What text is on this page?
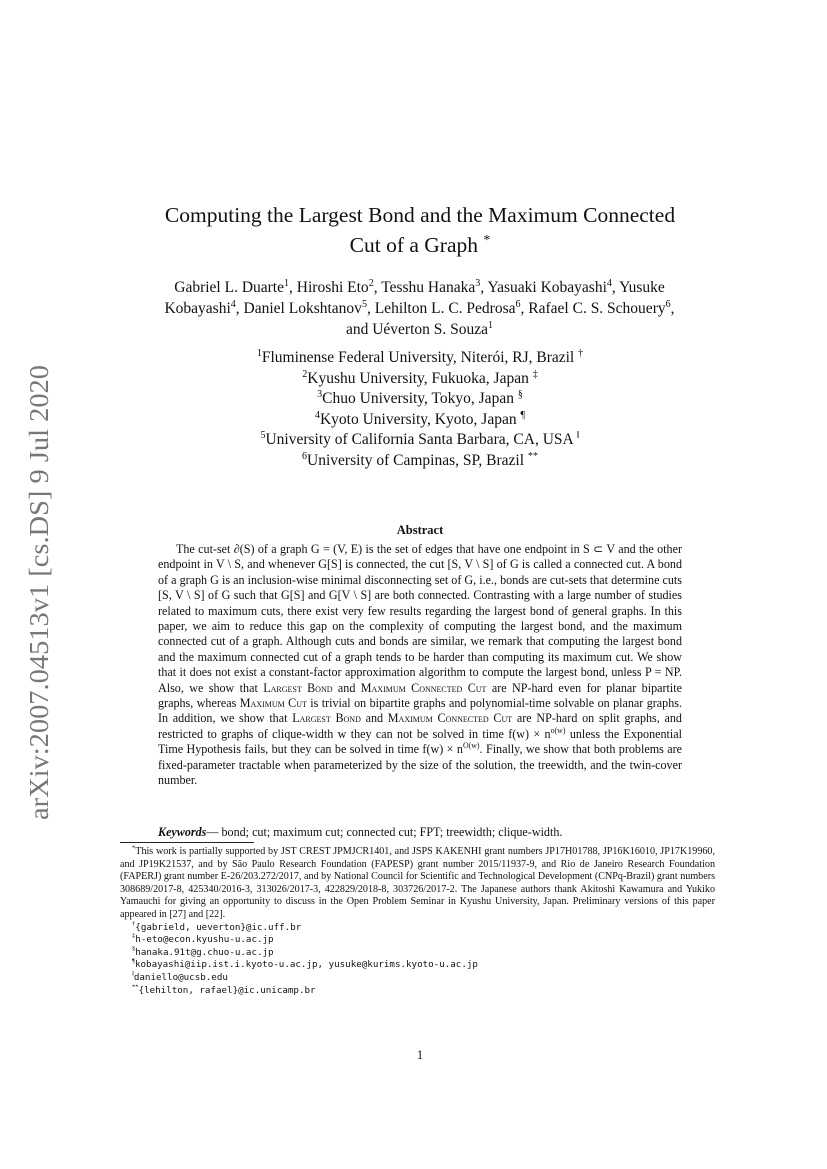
arXiv:2007.04513v1 [cs.DS] 9 Jul 2020
Computing the Largest Bond and the Maximum Connected
Cut of a Graph *
Gabriel L. Duarte$^1$, Hiroshi Eto$^2$, Tesshu Hanaka$^3$, Yasuaki Kobayashi$^4$, Yusuke
Kobayashi$^4$, Daniel Lokshtanov$^5$, Lehilton L. C. Pedrosa$^6$, Rafael C. S. Schouery$^6$,
and Uéverton S. Souza$^1$
$^1$Fluminense Federal University, Niterói, RJ, Brazil †
$^2$Kyushu University, Fukuoka, Japan ‡
$^3$Chuo University, Tokyo, Japan §
$^4$Kyoto University, Kyoto, Japan ¶
$^5$University of California Santa Barbara, CA, USA ‖
$^6$University of Campinas, SP, Brazil **
Abstract
The cut-set ∂(S) of a graph G = (V, E) is the set of edges that have one endpoint in S ⊂ V and the other endpoint in V \ S, and whenever G[S] is connected, the cut [S, V \ S] of G is called a connected cut. A bond of a graph G is an inclusion-wise minimal disconnecting set of G, i.e., bonds are cut-sets that determine cuts [S, V \ S] of G such that G[S] and G[V \ S] are both connected. Contrasting with a large number of studies related to maximum cuts, there exist very few results regarding the largest bond of general graphs. In this paper, we aim to reduce this gap on the complexity of computing the largest bond, and the maximum connected cut of a graph. Although cuts and bonds are similar, we remark that computing the largest bond and the maximum connected cut of a graph tends to be harder than computing its maximum cut. We show that it does not exist a constant-factor approximation algorithm to compute the largest bond, unless P = NP. Also, we show that Largest Bond and Maximum Connected Cut are NP-hard even for planar bipartite graphs, whereas Maximum Cut is trivial on bipartite graphs and polynomial-time solvable on planar graphs. In addition, we show that Largest Bond and Maximum Connected Cut are NP-hard on split graphs, and restricted to graphs of clique-width w they can not be solved in time $f(w) \times n^{o(w)}$ unless the Exponential Time Hypothesis fails, but they can be solved in time $f(w) \times n^{O(w)}$. Finally, we show that both problems are fixed-parameter tractable when parameterized by the size of the solution, the treewidth, and the twin-cover number.
Keywords— bond; cut; maximum cut; connected cut; FPT; treewidth; clique-width.
*This work is partially supported by JST CREST JPMJCR1401, and JSPS KAKENHI grant numbers JP17H01788, JP16K16010, JP17K19960, and JP19K21537, and by São Paulo Research Foundation (FAPESP) grant number 2015/11937-9, and Rio de Janeiro Research Foundation (FAPERJ) grant number E-26/203.272/2017, and by National Council for Scientific and Technological Development (CNPq-Brazil) grant numbers 308689/2017-8, 425340/2016-3, 313026/2017-3, 422829/2018-8, 303726/2017-2. The Japanese authors thank Akitoshi Kawamura and Yukiko Yamauchi for giving an opportunity to discuss in the Open Problem Seminar in Kyushu University, Japan. Preliminary versions of this paper appeared in [27] and [22].
†{gabrield, ueverton}@ic.uff.br
‡h-eto@econ.kyushu-u.ac.jp
§hanaka.91t@g.chuo-u.ac.jp
¶kobayashi@iip.ist.i.kyoto-u.ac.jp, yusuke@kurims.kyoto-u.ac.jp
‖daniello@ucsb.edu
**{lehilton, rafael}@ic.unicamp.br
1
